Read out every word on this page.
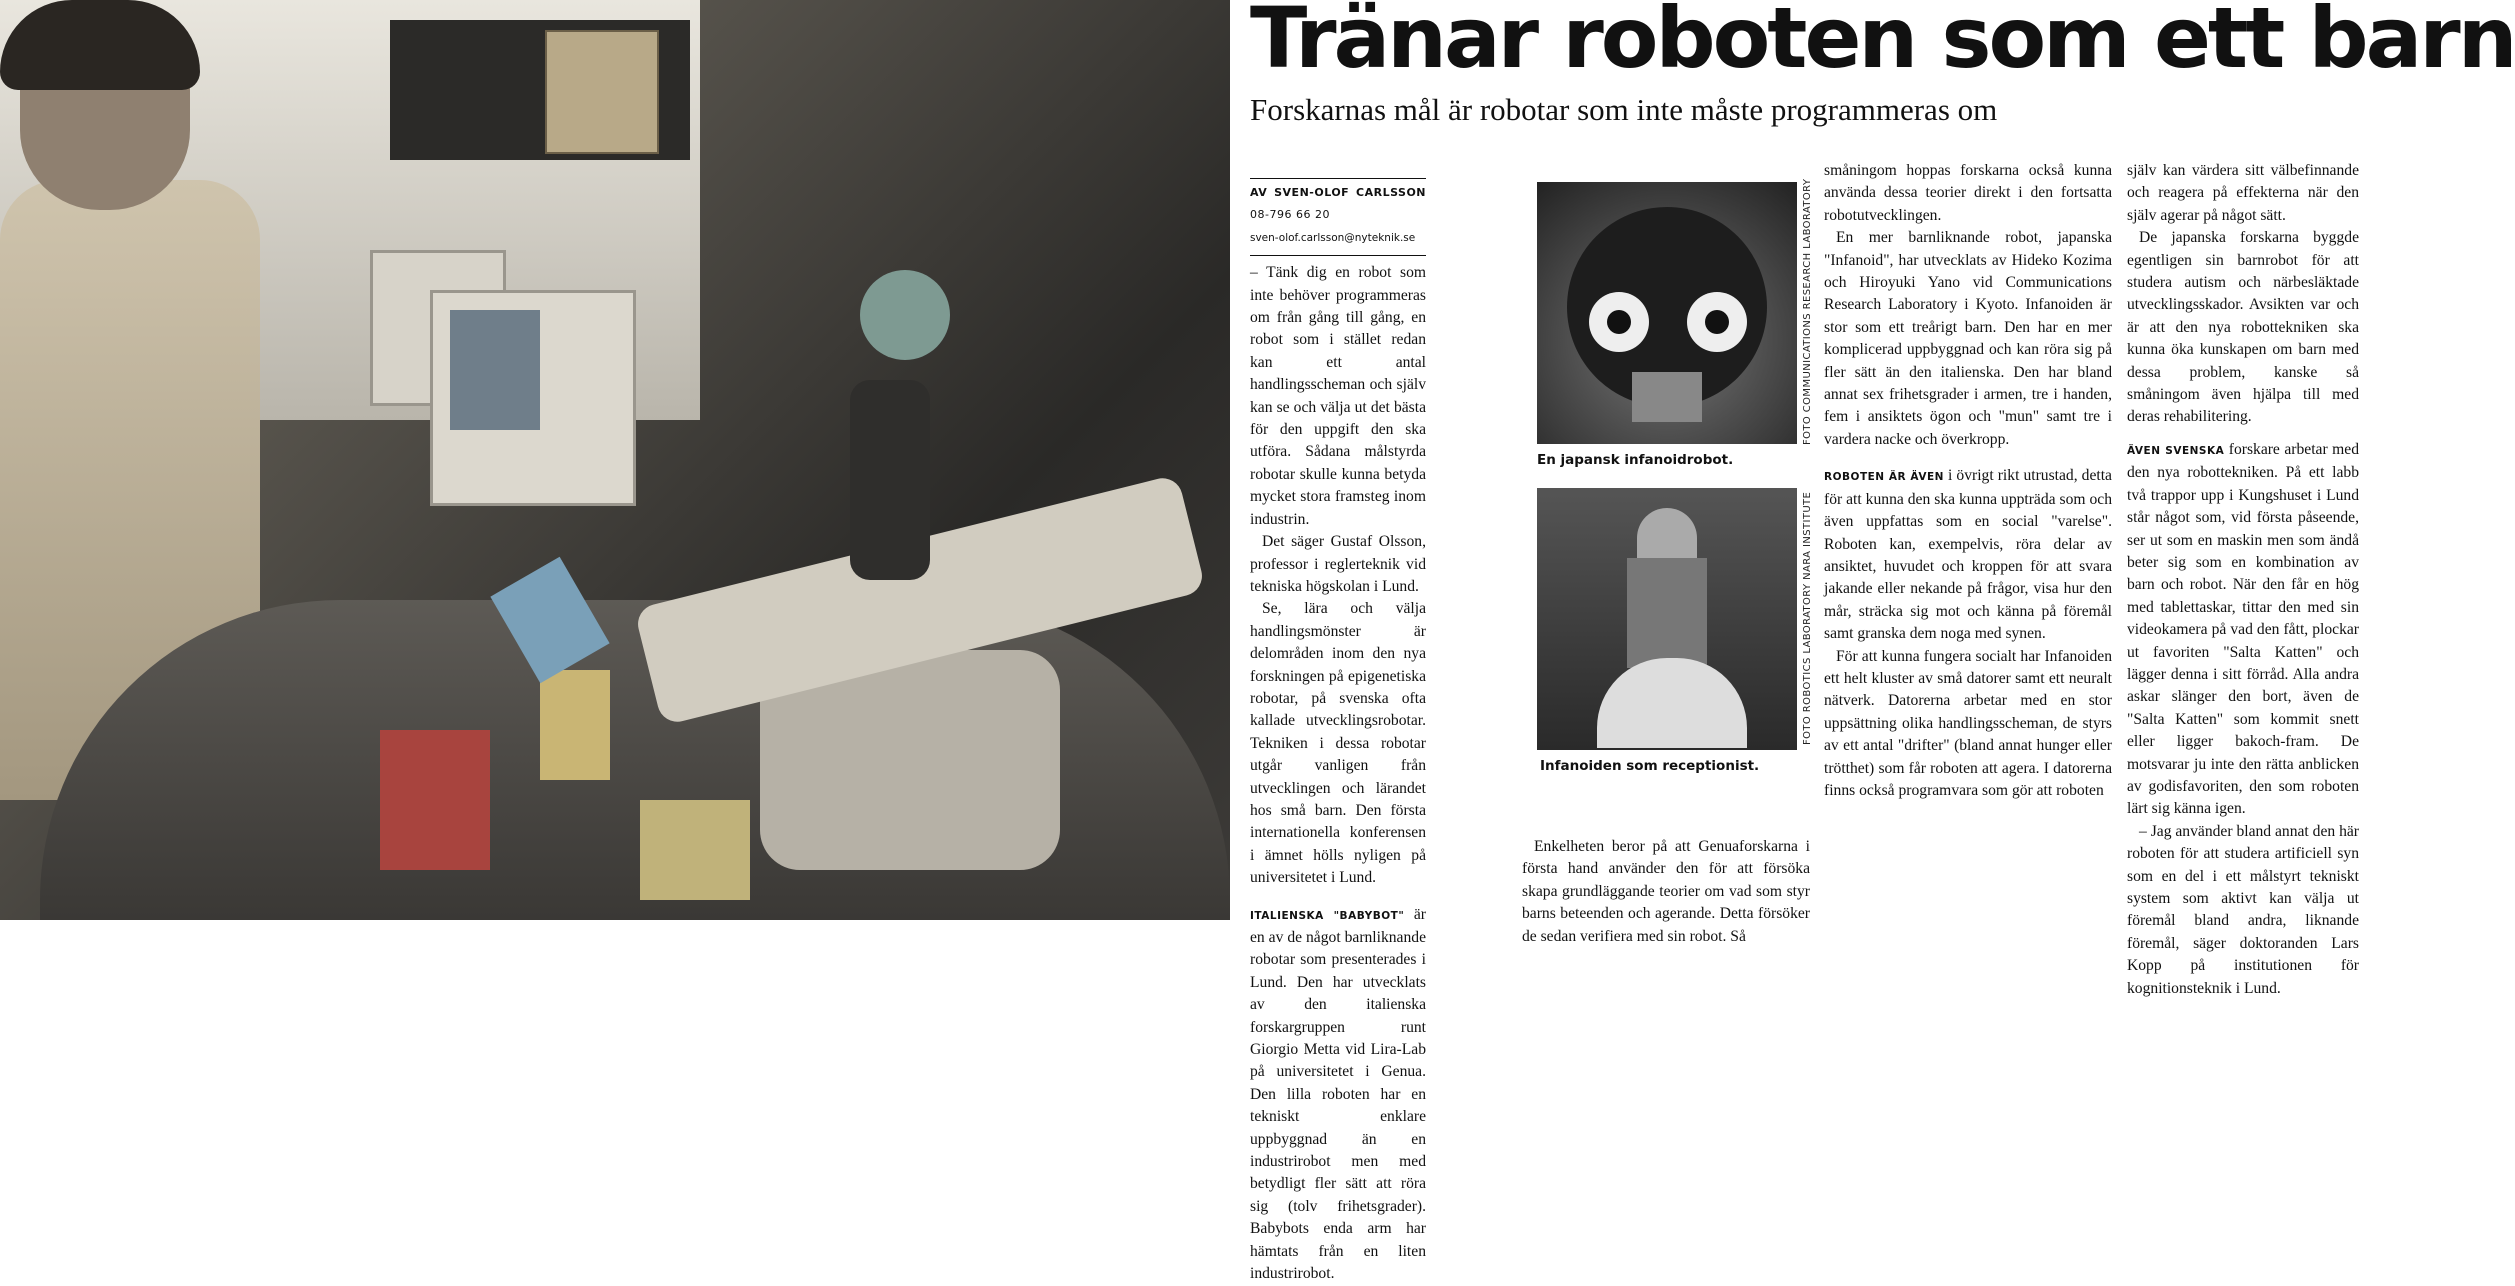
Tränar roboten som ett barn
Forskarnas mål är robotar som inte måste programmeras om
AV SVEN-OLOF CARLSSON 08-796 66 20
sven-olof.carlsson@nyteknik.se

– Tänk dig en robot som inte behöver programmeras om från gång till gång, en robot som i stället redan kan ett antal handlingsscheman och själv kan se och välja ut det bästa för den uppgift den ska utföra. Sådana målstyrda robotar skulle kunna betyda mycket stora framsteg inom industrin.

Det säger Gustaf Olsson, professor i reglerteknik vid tekniska högskolan i Lund.

Se, lära och välja handlingsmönster är delområden inom den nya forskningen på epigenetiska robotar, på svenska ofta kallade utvecklingsrobotar. Tekniken i dessa robotar utgår vanligen från utvecklingen och lärandet hos små barn. Den första internationella konferensen i ämnet hölls nyligen på universitetet i Lund.

ITALIENSKA "BABYBOT" är en av de något barnliknande robotar som presenterades i Lund. Den har utvecklats av den italienska forskargruppen runt Giorgio Metta vid Lira-Lab på universitetet i Genua. Den lilla roboten har en tekniskt enklare uppbyggnad än en industrirobot men med betydligt fler sätt att röra sig (tolv frihetsgrader). Babybots enda arm har hämtats från en liten industrirobot.

En japansk infanoidrobot.
FOTO COMMUNICATIONS RESEARCH LABORATORY
Infanoiden som receptionist.
FOTO ROBOTICS LABORATORY NARA INSTITUTE

Enkelheten beror på att Genuaforskarna i första hand använder den för att försöka skapa grundläggande teorier om vad som styr barns beteenden och agerande. Detta försöker de sedan verifiera med sin robot. Så

småningom hoppas forskarna också kunna använda dessa teorier direkt i den fortsatta robotutvecklingen.

En mer barnliknande robot, japanska "Infanoid", har utvecklats av Hideko Kozima och Hiroyuki Yano vid Communications Research Laboratory i Kyoto. Infanoiden är stor som ett treårigt barn. Den har en mer komplicerad uppbyggnad och kan röra sig på fler sätt än den italienska. Den har bland annat sex frihetsgrader i armen, tre i handen, fem i ansiktets ögon och "mun" samt tre i vardera nacke och överkropp.

ROBOTEN ÄR ÄVEN i övrigt rikt utrustad, detta för att kunna den ska kunna uppträda som och även uppfattas som en social "varelse". Roboten kan, exempelvis, röra delar av ansiktet, huvudet och kroppen för att svara jakande eller nekande på frågor, visa hur den mår, sträcka sig mot och känna på föremål samt granska dem noga med synen.

För att kunna fungera socialt har Infanoiden ett helt kluster av små datorer samt ett neuralt nätverk. Datorerna arbetar med en stor uppsättning olika handlingsscheman, de styrs av ett antal "drifter" (bland annat hunger eller trötthet) som får roboten att agera. I datorerna finns också programvara som gör att roboten

själv kan värdera sitt välbefinnande och reagera på effekterna när den själv agerar på något sätt.

De japanska forskarna byggde egentligen sin barnrobot för att studera autism och närbesläktade utvecklingsskador. Avsikten var och är att den nya robottekniken ska kunna öka kunskapen om barn med dessa problem, kanske så småningom även hjälpa till med deras rehabilitering.

ÄVEN SVENSKA forskare arbetar med den nya robottekniken. På ett labb två trappor upp i Kungshuset i Lund står något som, vid första påseende, ser ut som en maskin men som ändå beter sig som en kombination av barn och robot. När den får en hög med tablettaskar, tittar den med sin videokamera på vad den fått, plockar ut favoriten "Salta Katten" och lägger denna i sitt förråd. Alla andra askar slänger den bort, även de "Salta Katten" som kommit snett eller ligger bakoch-fram. De motsvarar ju inte den rätta anblicken av godisfavoriten, den som roboten lärt sig känna igen.

– Jag använder bland annat den här roboten för att studera artificiell syn som en del i ett målstyrt tekniskt system som aktivt kan välja ut föremål bland andra, liknande föremål, säger doktoranden Lars Kopp på institutionen för kognitionsteknik i Lund.
